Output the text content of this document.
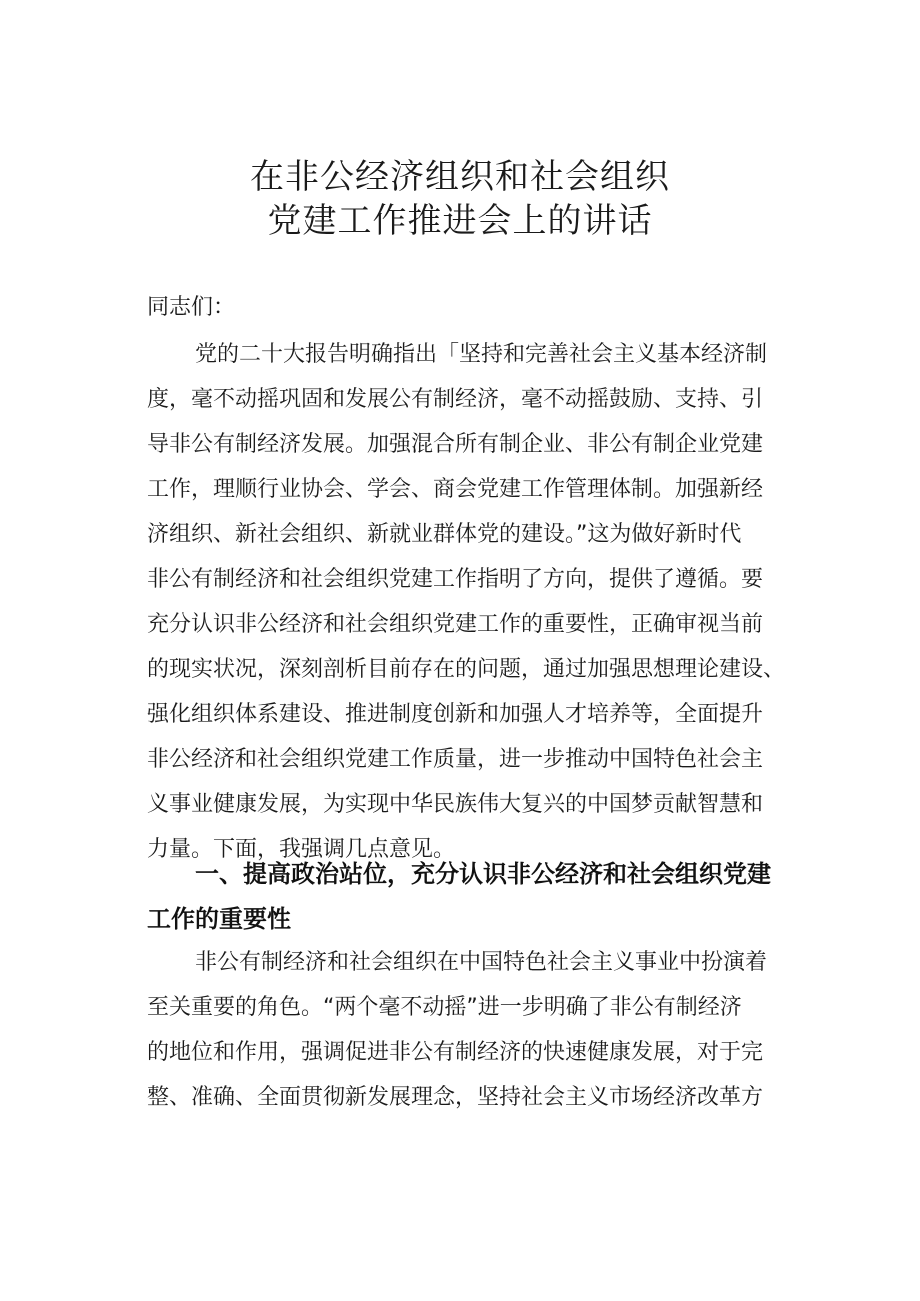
在非公经济组织和社会组织
党建工作推进会上的讲话

同志们：

党的二十大报告明确指出「坚持和完善社会主义基本经济制
度，毫不动摇巩固和发展公有制经济，毫不动摇鼓励、支持、引
导非公有制经济发展。加强混合所有制企业、非公有制企业党建
工作，理顺行业协会、学会、商会党建工作管理体制。加强新经
济组织、新社会组织、新就业群体党的建设。”这为做好新时代
非公有制经济和社会组织党建工作指明了方向，提供了遵循。要
充分认识非公经济和社会组织党建工作的重要性，正确审视当前
的现实状况，深刻剖析目前存在的问题，通过加强思想理论建设、
强化组织体系建设、推进制度创新和加强人才培养等，全面提升
非公经济和社会组织党建工作质量，进一步推动中国特色社会主
义事业健康发展，为实现中华民族伟大复兴的中国梦贡献智慧和
力量。下面，我强调几点意见。
一、提高政治站位，充分认识非公经济和社会组织党建
工作的重要性
非公有制经济和社会组织在中国特色社会主义事业中扮演着
至关重要的角色。“两个毫不动摇”进一步明确了非公有制经济
的地位和作用，强调促进非公有制经济的快速健康发展，对于完
整、准确、全面贯彻新发展理念，坚持社会主义市场经济改革方
